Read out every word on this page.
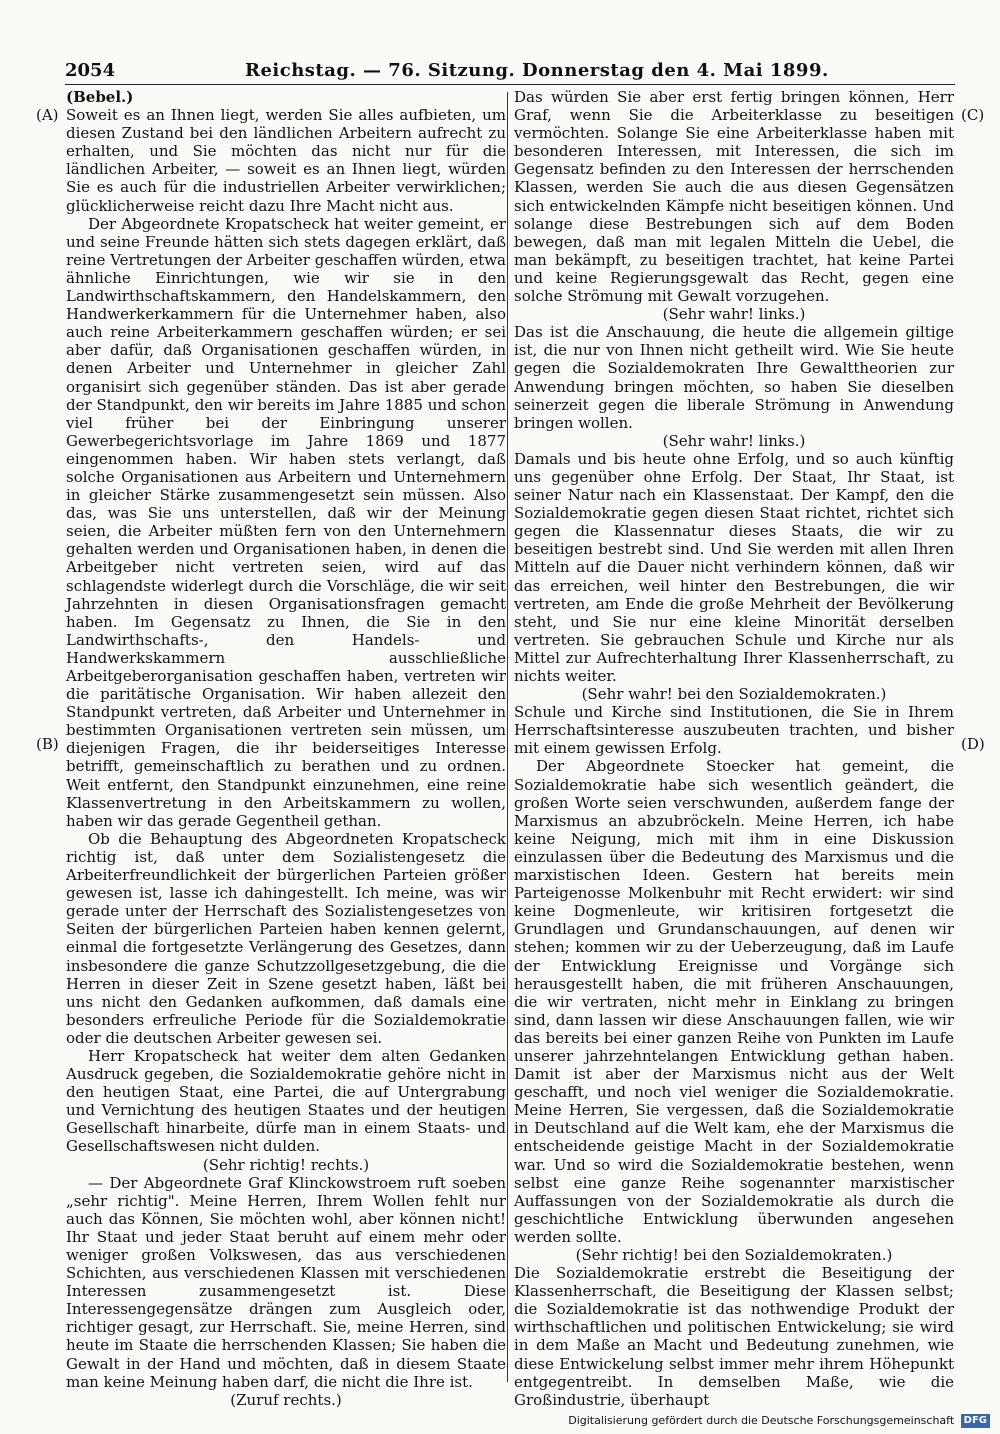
2054	Reichstag. — 76. Sitzung. Donnerstag den 4. Mai 1899.
(A)
(B)
(C)
(D)

(Bebel.)

Soweit es an Ihnen liegt, werden Sie alles aufbieten, um diesen Zustand bei den ländlichen Arbeitern aufrecht zu erhalten, und Sie möchten das nicht nur für die ländlichen Arbeiter, — soweit es an Ihnen liegt, würden Sie es auch für die industriellen Arbeiter verwirklichen; glücklicherweise reicht dazu Ihre Macht nicht aus.

Der Abgeordnete Kropatscheck hat weiter gemeint, er und seine Freunde hätten sich stets dagegen erklärt, daß reine Vertretungen der Arbeiter geschaffen würden, etwa ähnliche Einrichtungen, wie wir sie in den Landwirthschaftskammern, den Handelskammern, den Handwerkerkammern für die Unternehmer haben, also auch reine Arbeiterkammern geschaffen würden; er sei aber dafür, daß Organisationen geschaffen würden, in denen Arbeiter und Unternehmer in gleicher Zahl organisirt sich gegenüber ständen. Das ist aber gerade der Standpunkt, den wir bereits im Jahre 1885 und schon viel früher bei der Einbringung unserer Gewerbegerichtsvorlage im Jahre 1869 und 1877 eingenommen haben. Wir haben stets verlangt, daß solche Organisationen aus Arbeitern und Unternehmern in gleicher Stärke zusammengesetzt sein müssen. Also das, was Sie uns unterstellen, daß wir der Meinung seien, die Arbeiter müßten fern von den Unternehmern gehalten werden und Organisationen haben, in denen die Arbeitgeber nicht vertreten seien, wird auf das schlagendste widerlegt durch die Vorschläge, die wir seit Jahrzehnten in diesen Organisationsfragen gemacht haben. Im Gegensatz zu Ihnen, die Sie in den Landwirthschafts-, den Handels- und Handwerkskammern ausschließliche Arbeitgeberorganisation geschaffen haben, vertreten wir die paritätische Organisation. Wir haben allezeit den Standpunkt vertreten, daß Arbeiter und Unternehmer in bestimmten Organisationen vertreten sein müssen, um diejenigen Fragen, die ihr beiderseitiges Interesse betrifft, gemeinschaftlich zu berathen und zu ordnen. Weit entfernt, den Standpunkt einzunehmen, eine reine Klassenvertretung in den Arbeitskammern zu wollen, haben wir das gerade Gegentheil gethan.

Ob die Behauptung des Abgeordneten Kropatscheck richtig ist, daß unter dem Sozialistengesetz die Arbeiterfreundlichkeit der bürgerlichen Parteien größer gewesen ist, lasse ich dahingestellt. Ich meine, was wir gerade unter der Herrschaft des Sozialistengesetzes von Seiten der bürgerlichen Parteien haben kennen gelernt, einmal die fortgesetzte Verlängerung des Gesetzes, dann insbesondere die ganze Schutzzollgesetzgebung, die die Herren in dieser Zeit in Szene gesetzt haben, läßt bei uns nicht den Gedanken aufkommen, daß damals eine besonders erfreuliche Periode für die Sozialdemokratie oder die deutschen Arbeiter gewesen sei.

Herr Kropatscheck hat weiter dem alten Gedanken Ausdruck gegeben, die Sozialdemokratie gehöre nicht in den heutigen Staat, eine Partei, die auf Untergrabung und Vernichtung des heutigen Staates und der heutigen Gesellschaft hinarbeite, dürfe man in einem Staats- und Gesellschaftswesen nicht dulden.

(Sehr richtig! rechts.)

— Der Abgeordnete Graf Klinckowstroem ruft soeben „sehr richtig". Meine Herren, Ihrem Wollen fehlt nur auch das Können, Sie möchten wohl, aber können nicht! Ihr Staat und jeder Staat beruht auf einem mehr oder weniger großen Volkswesen, das aus verschiedenen Schichten, aus verschiedenen Klassen mit verschiedenen Interessen zusammengesetzt ist. Diese Interessengegensätze drängen zum Ausgleich oder, richtiger gesagt, zur Herrschaft. Sie, meine Herren, sind heute im Staate die herrschenden Klassen; Sie haben die Gewalt in der Hand und möchten, daß in diesem Staate man keine Meinung haben darf, die nicht die Ihre ist.

(Zuruf rechts.)

Das würden Sie aber erst fertig bringen können, Herr Graf, wenn Sie die Arbeiterklasse zu beseitigen vermöchten. Solange Sie eine Arbeiterklasse haben mit besonderen Interessen, mit Interessen, die sich im Gegensatz befinden zu den Interessen der herrschenden Klassen, werden Sie auch die aus diesen Gegensätzen sich entwickelnden Kämpfe nicht beseitigen können. Und solange diese Bestrebungen sich auf dem Boden bewegen, daß man mit legalen Mitteln die Uebel, die man bekämpft, zu beseitigen trachtet, hat keine Partei und keine Regierungsgewalt das Recht, gegen eine solche Strömung mit Gewalt vorzugehen.

(Sehr wahr! links.)

Das ist die Anschauung, die heute die allgemein giltige ist, die nur von Ihnen nicht getheilt wird. Wie Sie heute gegen die Sozialdemokraten Ihre Gewalttheorien zur Anwendung bringen möchten, so haben Sie dieselben seinerzeit gegen die liberale Strömung in Anwendung bringen wollen.

(Sehr wahr! links.)

Damals und bis heute ohne Erfolg, und so auch künftig uns gegenüber ohne Erfolg. Der Staat, Ihr Staat, ist seiner Natur nach ein Klassenstaat. Der Kampf, den die Sozialdemokratie gegen diesen Staat richtet, richtet sich gegen die Klassennatur dieses Staats, die wir zu beseitigen bestrebt sind. Und Sie werden mit allen Ihren Mitteln auf die Dauer nicht verhindern können, daß wir das erreichen, weil hinter den Bestrebungen, die wir vertreten, am Ende die große Mehrheit der Bevölkerung steht, und Sie nur eine kleine Minorität derselben vertreten. Sie gebrauchen Schule und Kirche nur als Mittel zur Aufrechterhaltung Ihrer Klassenherrschaft, zu nichts weiter.

(Sehr wahr! bei den Sozialdemokraten.)

Schule und Kirche sind Institutionen, die Sie in Ihrem Herrschaftsinteresse auszubeuten trachten, und bisher mit einem gewissen Erfolg.

Der Abgeordnete Stoecker hat gemeint, die Sozialdemokratie habe sich wesentlich geändert, die großen Worte seien verschwunden, außerdem fange der Marxismus an abzubröckeln. Meine Herren, ich habe keine Neigung, mich mit ihm in eine Diskussion einzulassen über die Bedeutung des Marxismus und die marxistischen Ideen. Gestern hat bereits mein Parteigenosse Molkenbuhr mit Recht erwidert: wir sind keine Dogmenleute, wir kritisiren fortgesetzt die Grundlagen und Grundanschauungen, auf denen wir stehen; kommen wir zu der Ueberzeugung, daß im Laufe der Entwicklung Ereignisse und Vorgänge sich herausgestellt haben, die mit früheren Anschauungen, die wir vertraten, nicht mehr in Einklang zu bringen sind, dann lassen wir diese Anschauungen fallen, wie wir das bereits bei einer ganzen Reihe von Punkten im Laufe unserer jahrzehntelangen Entwicklung gethan haben. Damit ist aber der Marxismus nicht aus der Welt geschafft, und noch viel weniger die Sozialdemokratie. Meine Herren, Sie vergessen, daß die Sozialdemokratie in Deutschland auf die Welt kam, ehe der Marxismus die entscheidende geistige Macht in der Sozialdemokratie war. Und so wird die Sozialdemokratie bestehen, wenn selbst eine ganze Reihe sogenannter marxistischer Auffassungen von der Sozialdemokratie als durch die geschichtliche Entwicklung überwunden angesehen werden sollte.

(Sehr richtig! bei den Sozialdemokraten.)

Die Sozialdemokratie erstrebt die Beseitigung der Klassenherrschaft, die Beseitigung der Klassen selbst; die Sozialdemokratie ist das nothwendige Produkt der wirthschaftlichen und politischen Entwickelung; sie wird in dem Maße an Macht und Bedeutung zunehmen, wie diese Entwickelung selbst immer mehr ihrem Höhepunkt entgegentreibt. In demselben Maße, wie die Großindustrie, überhaupt

Digitalisierung gefördert durch die Deutsche Forschungsgemeinschaft DFG
